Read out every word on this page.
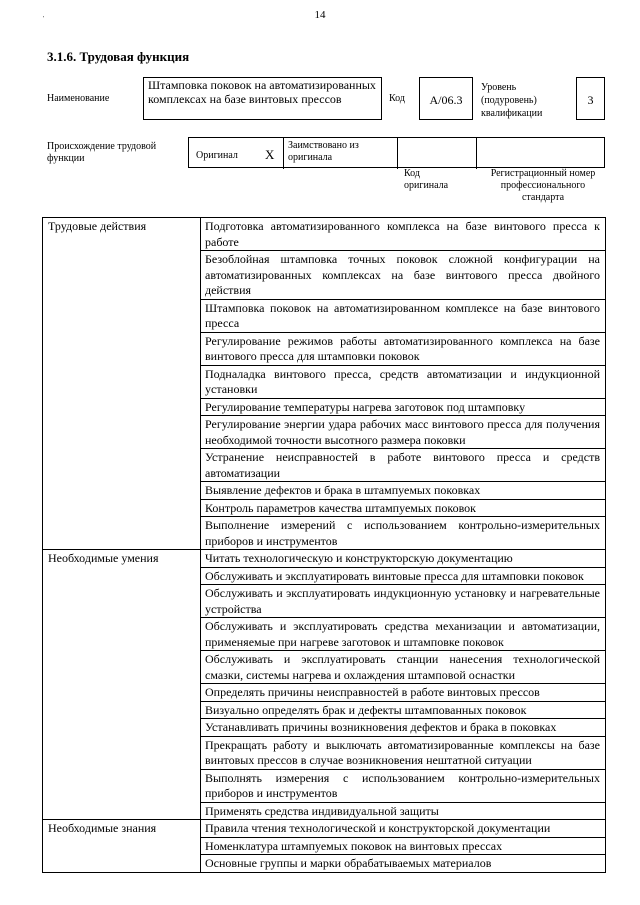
14
'
3.1.6. Трудовая функция
Наименование
Штамповка поковок на автоматизированных комплексах на базе винтовых прессов	Код	A/06.3
Уровень (подуровень) квалификации
3
Происхождение трудовой функции	Оригинал X
Заимствовано из оригинала
Код оригинала
Регистрационный номер профессионального стандарта
Трудовые действия	Подготовка автоматизированного комплекса на базе винтового пресса к работе
	Безоблойная штамповка точных поковок сложной конфигурации на автоматизированных комплексах на базе винтового пресса двойного действия
	Штамповка поковок на автоматизированном комплексе на базе винтового пресса
	Регулирование режимов работы автоматизированного комплекса на базе винтового пресса для штамповки поковок
	Подналадка винтового пресса, средств автоматизации и индукционной установки
	Регулирование температуры нагрева заготовок под штамповку
	Регулирование энергии удара рабочих масс винтового пресса для получения необходимой точности высотного размера поковки
	Устранение неисправностей в работе винтового пресса и средств автоматизации
	Выявление дефектов и брака в штампуемых поковках
	Контроль параметров качества штампуемых поковок
	Выполнение измерений с использованием контрольно-измерительных приборов и инструментов
Необходимые умения	Читать технологическую и конструкторскую документацию
	Обслуживать и эксплуатировать винтовые пресса для штамповки поковок
	Обслуживать и эксплуатировать индукционную установку и нагревательные устройства
	Обслуживать и эксплуатировать средства механизации и автоматизации, применяемые при нагреве заготовок и штамповке поковок
	Обслуживать и эксплуатировать станции нанесения технологической смазки, системы нагрева и охлаждения штамповой оснастки
	Определять причины неисправностей в работе винтовых прессов
	Визуально определять брак и дефекты штампованных поковок
	Устанавливать причины возникновения дефектов и брака в поковках
	Прекращать работу и выключать автоматизированные комплексы на базе винтовых прессов в случае возникновения нештатной ситуации
	Выполнять измерения с использованием контрольно-измерительных приборов и инструментов
	Применять средства индивидуальной защиты
Необходимые знания	Правила чтения технологической и конструкторской документации
	Номенклатура штампуемых поковок на винтовых прессах
	Основные группы и марки обрабатываемых материалов
